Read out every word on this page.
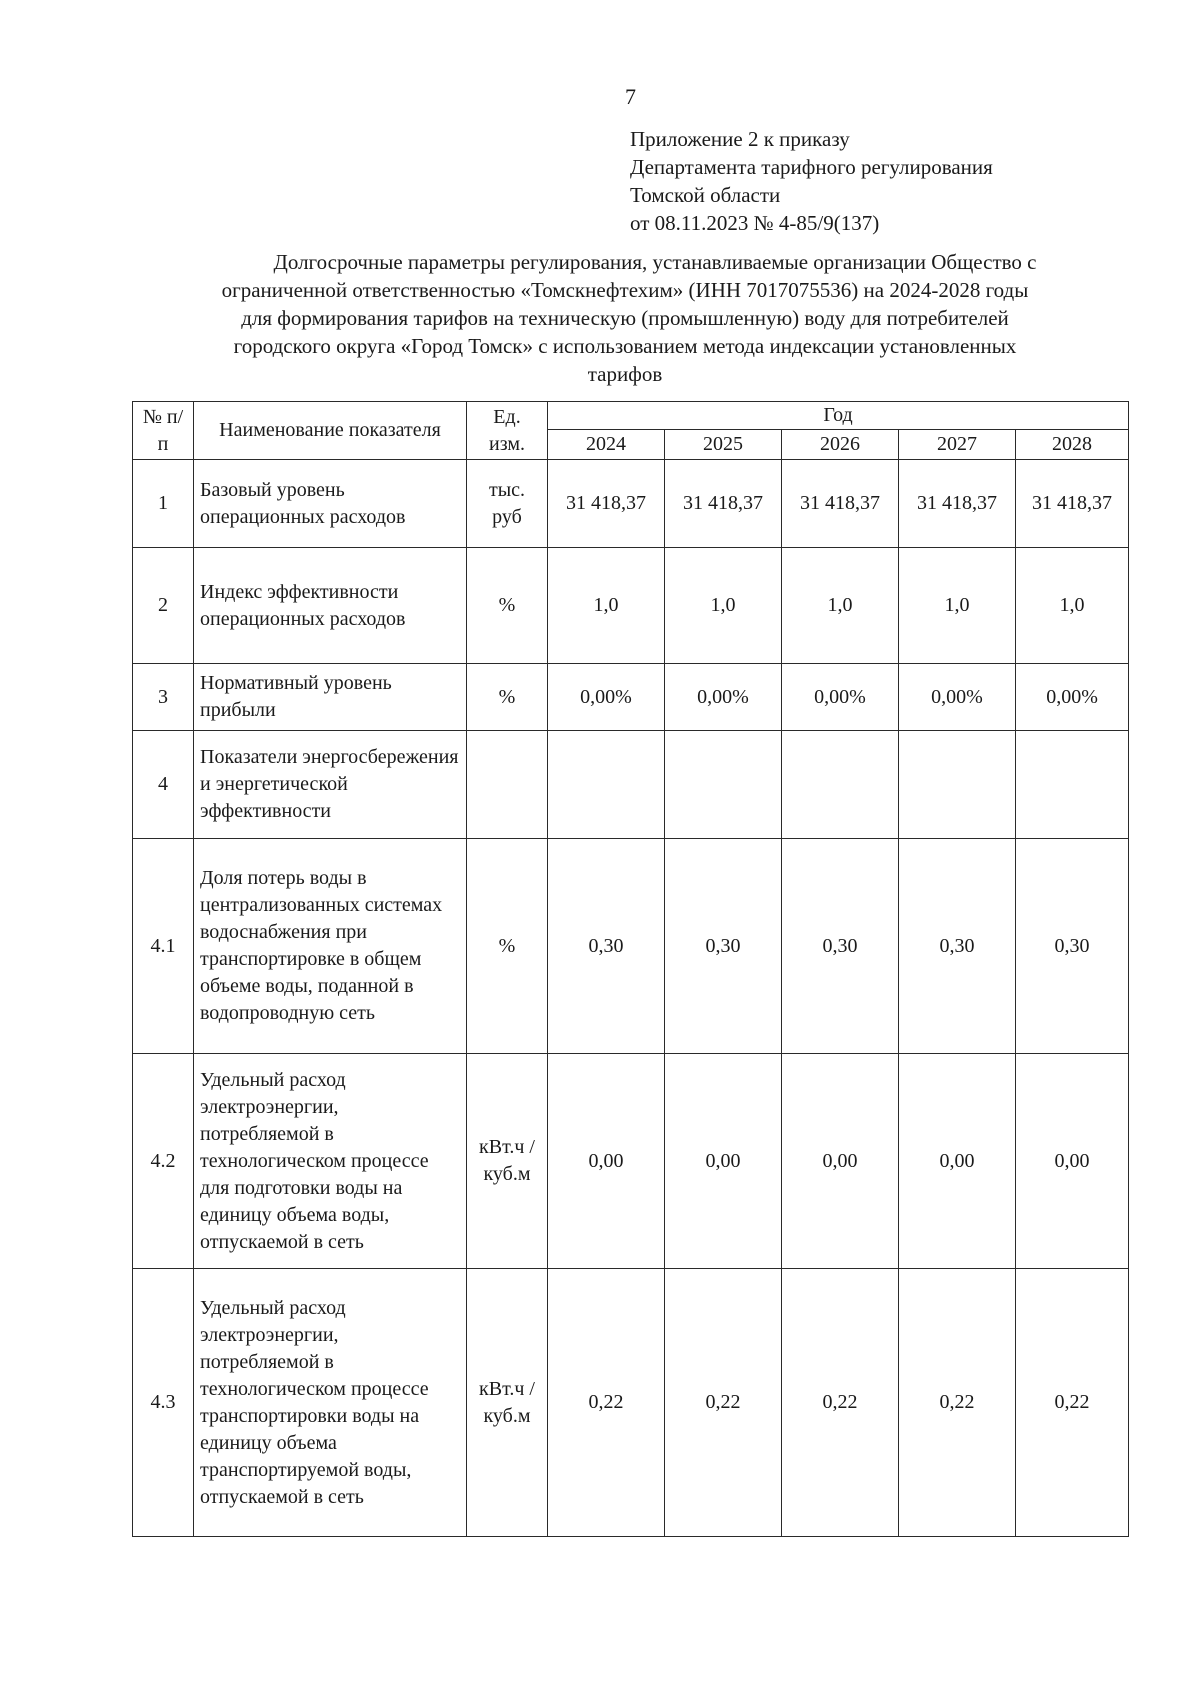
7
Приложение 2 к приказу
Департамента тарифного регулирования
Томской области
от 08.11.2023 № 4-85/9(137)
Долгосрочные параметры регулирования, устанавливаемые организации Общество с
ограниченной ответственностью «Томскнефтехим» (ИНН 7017075536) на 2024-2028 годы
для формирования тарифов на техническую (промышленную) воду для потребителей
городского округа «Город Томск» с использованием метода индексации установленных
тарифов
№ п/п	Наименование показателя	Ед. изм.	Год				
			2024	2025	2026	2027	2028
1	Базовый уровень операционных расходов	тыс. руб	31 418,37	31 418,37	31 418,37	31 418,37	31 418,37
2	Индекс эффективности операционных расходов	%	1,0	1,0	1,0	1,0	1,0
3	Нормативный уровень прибыли	%	0,00%	0,00%	0,00%	0,00%	0,00%
4	Показатели энергосбережения и энергетической эффективности						
4.1	Доля потерь воды в централизованных системах водоснабжения при транспортировке в общем объеме воды, поданной в водопроводную сеть	%	0,30	0,30	0,30	0,30	0,30
4.2	Удельный расход электроэнергии, потребляемой в технологическом процессе для подготовки воды на единицу объема воды, отпускаемой в сеть	кВт.ч / куб.м	0,00	0,00	0,00	0,00	0,00
4.3	Удельный расход электроэнергии, потребляемой в технологическом процессе транспортировки воды на единицу объема транспортируемой воды, отпускаемой в сеть	кВт.ч / куб.м	0,22	0,22	0,22	0,22	0,22
